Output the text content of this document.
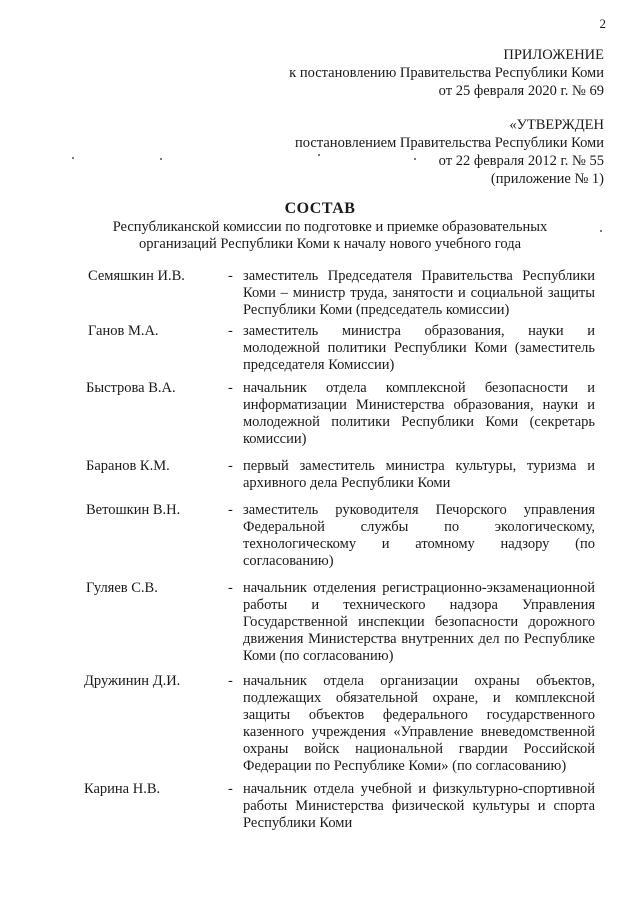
2
ПРИЛОЖЕНИЕ
к постановлению Правительства Республики Коми
от 25 февраля 2020 г. № 69
«УТВЕРЖДЕН
постановлением Правительства Республики Коми
от 22 февраля 2012 г. № 55
(приложение № 1)
СОСТАВ
Республиканской комиссии по подготовке и приемке образовательных
организаций Республики Коми к началу нового учебного года
Семяшкин И.В.	- заместитель Председателя Правительства Республики Коми – министр труда, занятости и социальной защиты Республики Коми (председатель комиссии)
Ганов М.А.	- заместитель министра образования, науки и молодежной политики Республики Коми (заместитель председателя Комиссии)
Быстрова В.А.	- начальник отдела комплексной безопасности и информатизации Министерства образования, науки и молодежной политики Республики Коми (секретарь комиссии)
Баранов К.М.	- первый заместитель министра культуры, туризма и архивного дела Республики Коми
Ветошкин В.Н.	- заместитель руководителя Печорского управления Федеральной службы по экологическому, технологическому и атомному надзору (по согласованию)
Гуляев С.В.	- начальник отделения регистрационно-экзаменационной работы и технического надзора Управления Государственной инспекции безопасности дорожного движения Министерства внутренних дел по Республике Коми (по согласованию)
Дружинин Д.И.	- начальник отдела организации охраны объектов, подлежащих обязательной охране, и комплексной защиты объектов федерального государственного казенного учреждения «Управление вневедомственной охраны войск национальной гвардии Российской Федерации по Республике Коми» (по согласованию)
Карина Н.В.	- начальник отдела учебной и физкультурно-спортивной работы Министерства физической культуры и спорта Республики Коми
